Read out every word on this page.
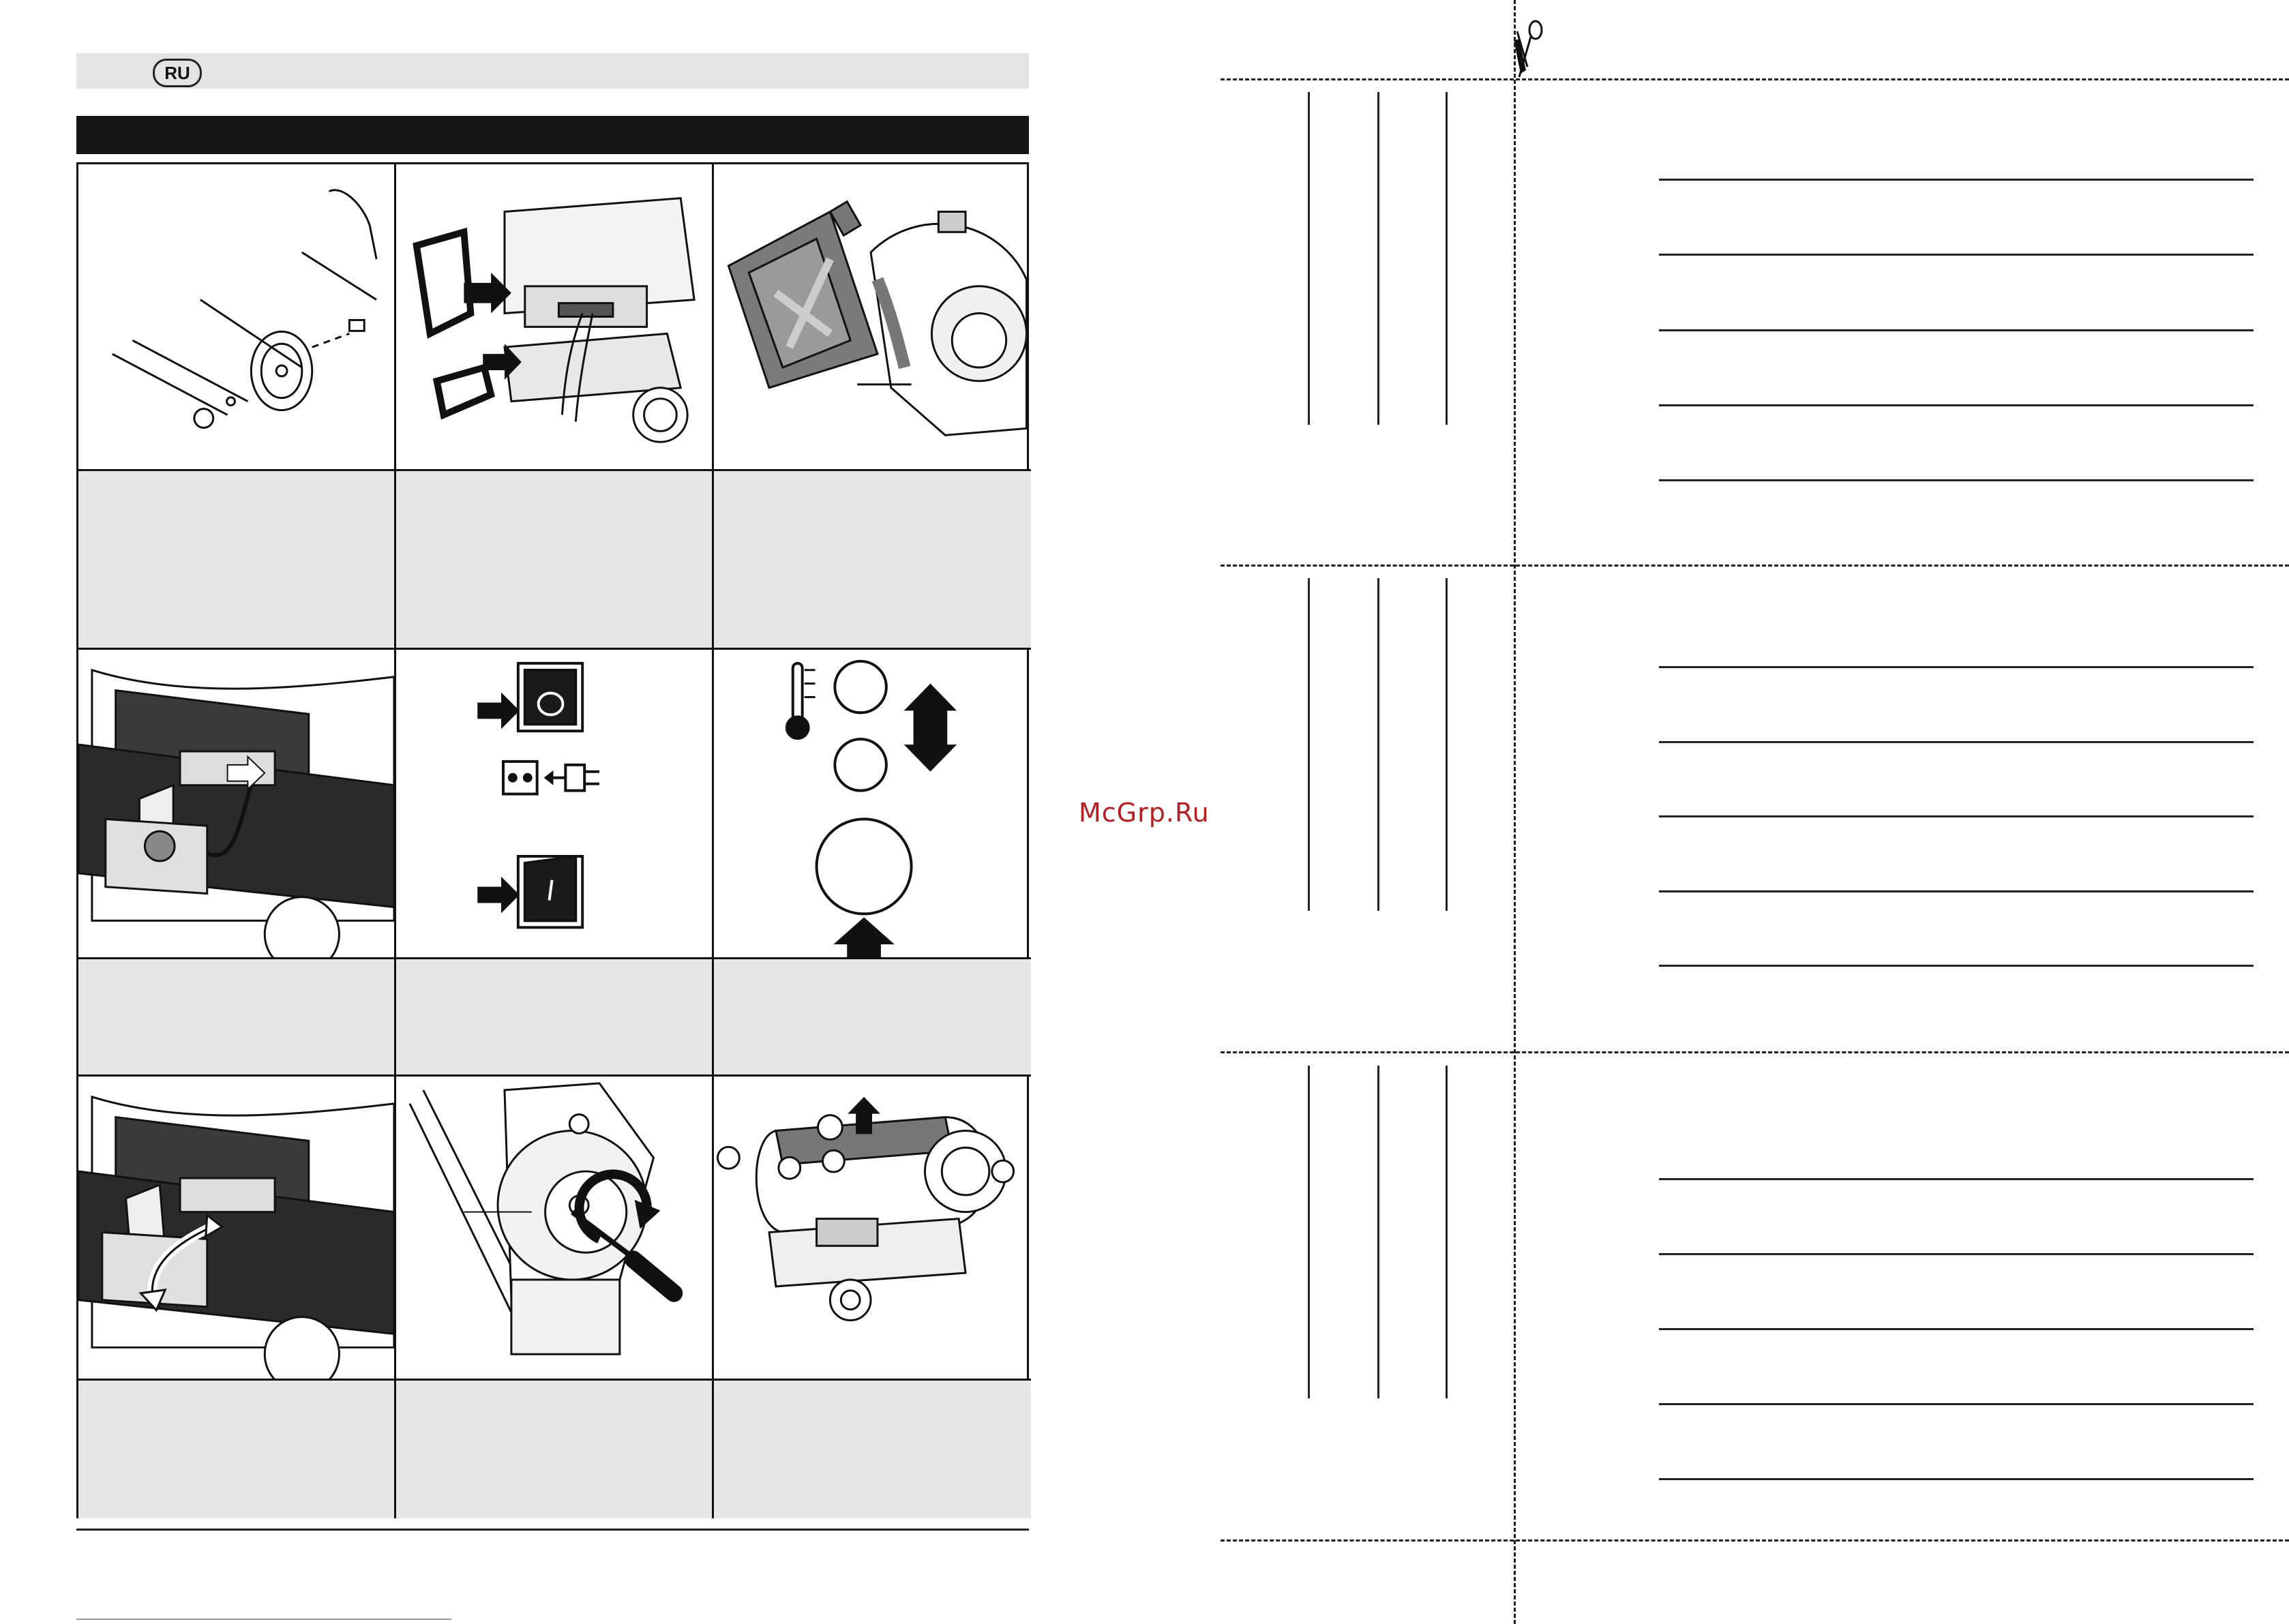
RU
McGrp.Ru
